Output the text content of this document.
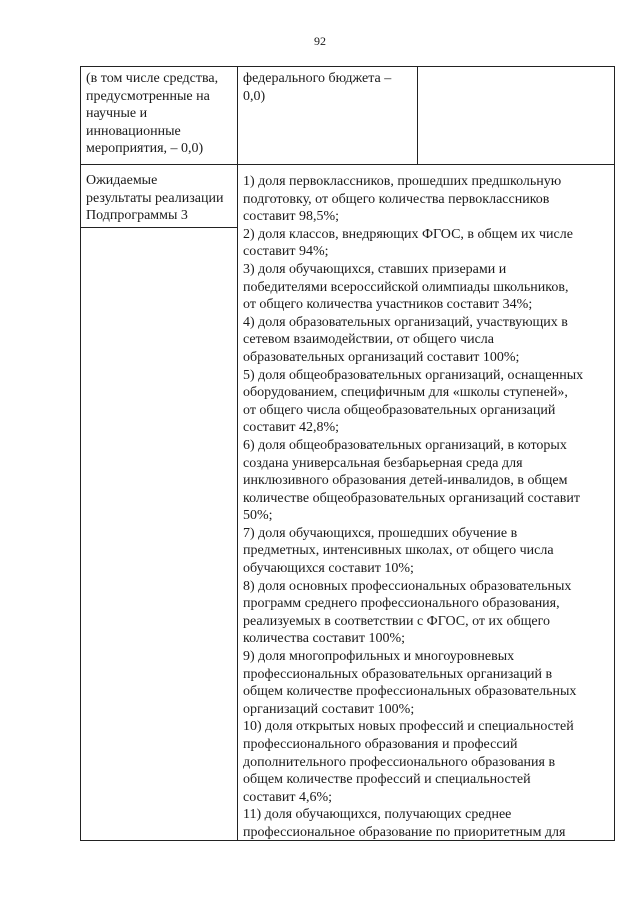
92
(в том числе средства,
предусмотренные на
научные и
инновационные
мероприятия, – 0,0)
федерального бюджета –
0,0)
Ожидаемые
результаты реализации
Подпрограммы 3
1) доля первоклассников, прошедших предшкольную
подготовку, от общего количества первоклассников
составит 98,5%;
2) доля классов, внедряющих ФГОС, в общем их числе
составит 94%;
3) доля обучающихся, ставших призерами и
победителями всероссийской олимпиады школьников,
от общего количества участников составит 34%;
4) доля образовательных организаций, участвующих в
сетевом взаимодействии, от общего числа
образовательных организаций составит 100%;
5) доля общеобразовательных организаций, оснащенных
оборудованием, специфичным для «школы ступеней»,
от общего числа общеобразовательных организаций
составит 42,8%;
6) доля общеобразовательных организаций, в которых
создана универсальная безбарьерная среда для
инклюзивного образования детей-инвалидов, в общем
количестве общеобразовательных организаций составит
50%;
7) доля обучающихся, прошедших обучение в
предметных, интенсивных школах, от общего числа
обучающихся составит 10%;
8) доля основных профессиональных образовательных
программ среднего профессионального образования,
реализуемых в соответствии с ФГОС, от их общего
количества составит 100%;
9) доля многопрофильных и многоуровневых
профессиональных образовательных организаций в
общем количестве профессиональных образовательных
организаций составит 100%;
10) доля открытых новых профессий и специальностей
профессионального образования и профессий
дополнительного профессионального образования в
общем количестве профессий и специальностей
составит 4,6%;
11) доля обучающихся, получающих среднее
профессиональное образование по приоритетным для
